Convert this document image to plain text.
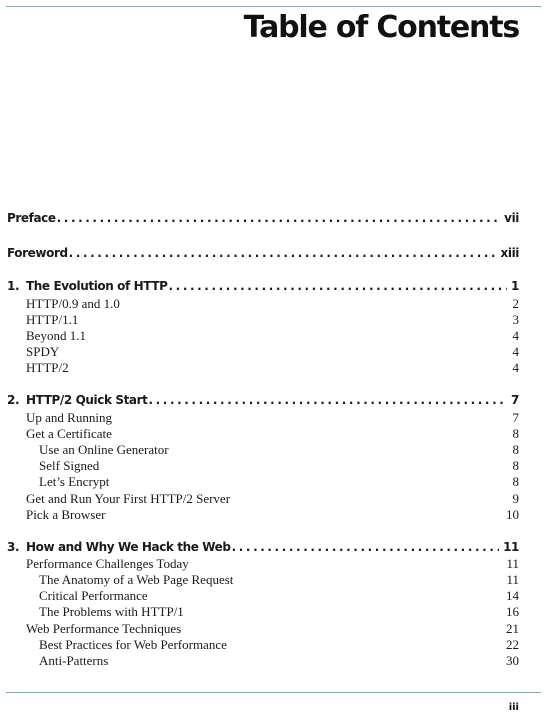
Table of Contents
Preface .....	vii
Foreword .....	xiii
1. The Evolution of HTTP .....	1
HTTP/0.9 and 1.0	2
HTTP/1.1	3
Beyond 1.1	4
SPDY	4
HTTP/2	4
2. HTTP/2 Quick Start .....	7
Up and Running	7
Get a Certificate	8
Use an Online Generator	8
Self Signed	8
Let’s Encrypt	8
Get and Run Your First HTTP/2 Server	9
Pick a Browser	10
3. How and Why We Hack the Web .....	11
Performance Challenges Today	11
The Anatomy of a Web Page Request	11
Critical Performance	14
The Problems with HTTP/1	16
Web Performance Techniques	21
Best Practices for Web Performance	22
Anti-Patterns	30
iii
